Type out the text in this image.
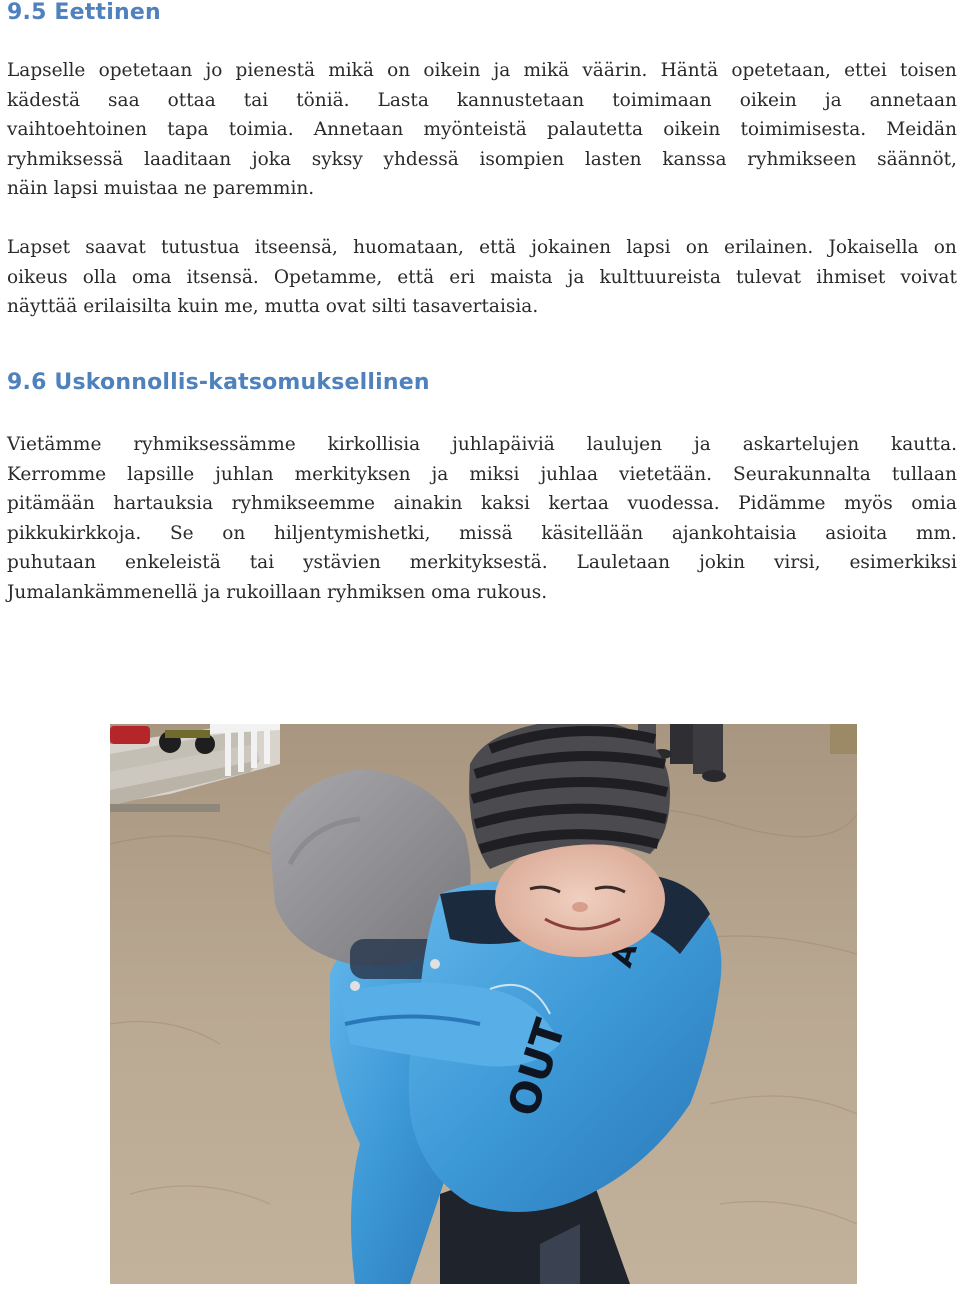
9.5 Eettinen
Lapselle opetetaan jo pienestä mikä on oikein ja mikä väärin. Häntä opetetaan, ettei toisen
kädestä saa ottaa tai töniä. Lasta kannustetaan toimimaan oikein ja annetaan
vaihtoehtoinen tapa toimia. Annetaan myönteistä palautetta oikein toimimisesta. Meidän
ryhmiksessä laaditaan joka syksy yhdessä isompien lasten kanssa ryhmikseen säännöt,
näin lapsi muistaa ne paremmin.
Lapset saavat tutustua itseensä, huomataan, että jokainen lapsi on erilainen. Jokaisella on
oikeus olla oma itsensä. Opetamme, että eri maista ja kulttuureista tulevat ihmiset voivat
näyttää erilaisilta kuin me, mutta ovat silti tasavertaisia.
9.6 Uskonnollis-katsomuksellinen
Vietämme ryhmiksessämme kirkollisia juhlapäiviä laulujen ja askartelujen kautta.
Kerromme lapsille juhlan merkityksen ja miksi juhlaa vietetään. Seurakunnalta tullaan
pitämään hartauksia ryhmikseemme ainakin kaksi kertaa vuodessa. Pidämme myös omia
pikkukirkkoja. Se on hiljentymishetki, missä käsitellään ajankohtaisia asioita mm.
puhutaan enkeleistä tai ystävien merkityksestä. Lauletaan jokin virsi, esimerkiksi
Jumalankämmenellä ja rukoillaan ryhmiksen oma rukous.
OUT
